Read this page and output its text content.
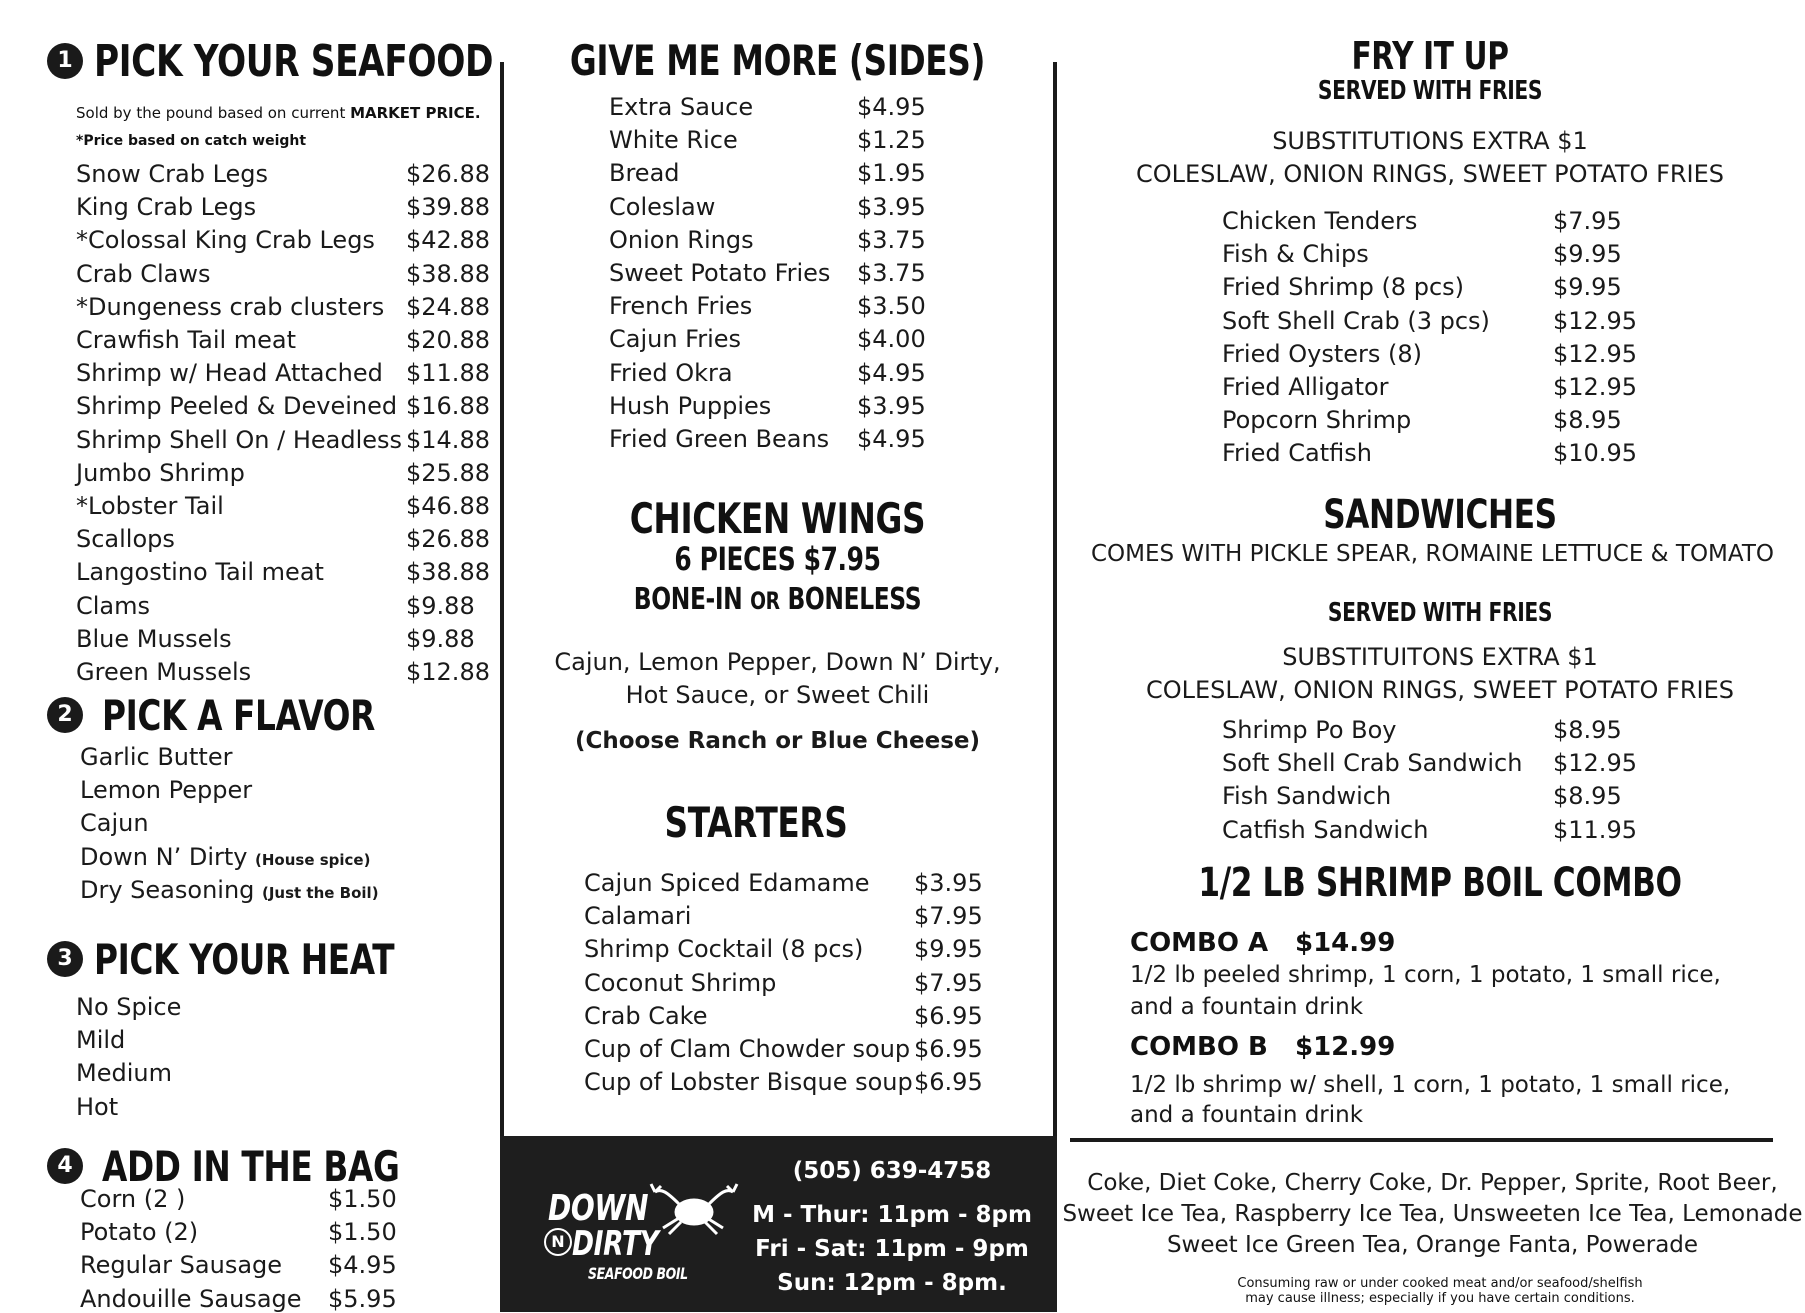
1 PICK YOUR SEAFOOD
Sold by the pound based on current MARKET PRICE.
*Price based on catch weight
Snow Crab Legs	$26.88
King Crab Legs	$39.88
*Colossal King Crab Legs $42.88
Crab Claws	$38.88
*Dungeness crab clusters $24.88
Crawfish Tail meat	$20.88
Shrimp w/ Head Attached $11.88
Shrimp Peeled & Deveined $16.88
Shrimp Shell On / Headless $14.88
Jumbo Shrimp	$25.88
*Lobster Tail	$46.88
Scallops	$26.88
Langostino Tail meat	$38.88
Clams	$9.88
Blue Mussels	$9.88
Green Mussels	$12.88
2 PICK A FLAVOR
Garlic Butter
Lemon Pepper
Cajun
Down N’ Dirty (House spice)
Dry Seasoning (Just the Boil)
3 PICK YOUR HEAT
No Spice
Mild
Medium
Hot
4 ADD IN THE BAG
Corn (2 )	$1.50
Potato (2)	$1.50
Regular Sausage $4.95
Andouille Sausage $5.95
GIVE ME MORE (SIDES)
Extra Sauce	$4.95
White Rice	$1.25
Bread	$1.95
Coleslaw	$3.95
Onion Rings	$3.75
Sweet Potato Fries $3.75
French Fries	$3.50
Cajun Fries	$4.00
Fried Okra	$4.95
Hush Puppies	$3.95
Fried Green Beans $4.95
CHICKEN WINGS
6 PIECES $7.95
BONE-IN OR BONELESS
Cajun, Lemon Pepper, Down N’ Dirty,
Hot Sauce, or Sweet Chili
(Choose Ranch or Blue Cheese)
STARTERS
Cajun Spiced Edamame $3.95
Calamari	$7.95
Shrimp Cocktail (8 pcs) $9.95
Coconut Shrimp	$7.95
Crab Cake	$6.95
Cup of Clam Chowder soup $6.95
Cup of Lobster Bisque soup $6.95
DOWN
N DIRTY
SEAFOOD BOIL
(505) 639-4758
M - Thur: 11pm - 8pm
Fri - Sat: 11pm - 9pm
Sun: 12pm - 8pm.
FRY IT UP
SERVED WITH FRIES
SUBSTITUTIONS EXTRA $1
COLESLAW, ONION RINGS, SWEET POTATO FRIES
Chicken Tenders	$7.95
Fish & Chips	$9.95
Fried Shrimp (8 pcs)	$9.95
Soft Shell Crab (3 pcs)	$12.95
Fried Oysters (8)	$12.95
Fried Alligator	$12.95
Popcorn Shrimp	$8.95
Fried Catfish	$10.95
SANDWICHES
COMES WITH PICKLE SPEAR, ROMAINE LETTUCE & TOMATO
SERVED WITH FRIES
SUBSTITUITONS EXTRA $1
COLESLAW, ONION RINGS, SWEET POTATO FRIES
Shrimp Po Boy	$8.95
Soft Shell Crab Sandwich $12.95
Fish Sandwich	$8.95
Catfish Sandwich	$11.95
1/2 LB SHRIMP BOIL COMBO
COMBO A $14.99
1/2 lb peeled shrimp, 1 corn, 1 potato, 1 small rice,
and a fountain drink
COMBO B $12.99
1/2 lb shrimp w/ shell, 1 corn, 1 potato, 1 small rice,
and a fountain drink
Coke, Diet Coke, Cherry Coke, Dr. Pepper, Sprite, Root Beer,
Sweet Ice Tea, Raspberry Ice Tea, Unsweeten Ice Tea, Lemonade
Sweet Ice Green Tea, Orange Fanta, Powerade
Consuming raw or under cooked meat and/or seafood/shelfish
may cause illness; especially if you have certain conditions.
